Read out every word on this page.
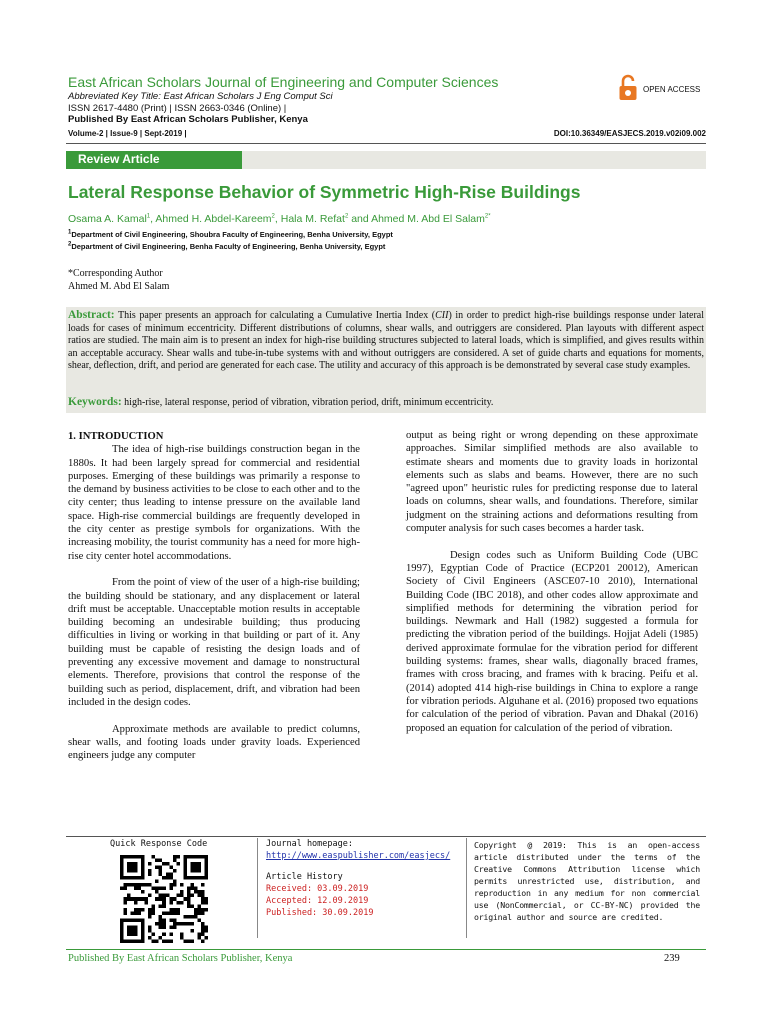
East African Scholars Journal of Engineering and Computer Sciences
Abbreviated Key Title: East African Scholars J Eng Comput Sci
ISSN 2617-4480 (Print) | ISSN 2663-0346 (Online) |
Published By East African Scholars Publisher, Kenya
OPEN ACCESS
Volume-2 | Issue-9 | Sept-2019 |	DOI:10.36349/EASJECS.2019.v02i09.002
Review Article
Lateral Response Behavior of Symmetric High-Rise Buildings
Osama A. Kamal$^1$, Ahmed H. Abdel-Kareem$^2$, Hala M. Refat$^2$ and Ahmed M. Abd El Salam$^{2*}$
$^1$Department of Civil Engineering, Shoubra Faculty of Engineering, Benha University, Egypt
$^2$Department of Civil Engineering, Benha Faculty of Engineering, Benha University, Egypt
*Corresponding Author
Ahmed M. Abd El Salam
Abstract: This paper presents an approach for calculating a Cumulative Inertia Index (CII) in order to predict high-rise buildings response under lateral loads for cases of minimum eccentricity. Different distributions of columns, shear walls, and outriggers are considered. Plan layouts with different aspect ratios are studied. The main aim is to present an index for high-rise building structures subjected to lateral loads, which is simplified, and gives results within an acceptable accuracy. Shear walls and tube-in-tube systems with and without outriggers are considered. A set of guide charts and equations for moments, shear, deflection, drift, and period are generated for each case. The utility and accuracy of this approach is be demonstrated by several case study examples.
Keywords: high-rise, lateral response, period of vibration, vibration period, drift, minimum eccentricity.
1. INTRODUCTION

The idea of high-rise buildings construction began in the 1880s. It had been largely spread for commercial and residential purposes. Emerging of these buildings was primarily a response to the demand by business activities to be close to each other and to the city center; thus leading to intense pressure on the available land space. High-rise commercial buildings are frequently developed in the city center as prestige symbols for organizations. With the increasing mobility, the tourist community has a need for more high-rise city center hotel accommodations.

From the point of view of the user of a high-rise building; the building should be stationary, and any displacement or lateral drift must be acceptable. Unacceptable motion results in acceptable building becoming an undesirable building; thus producing difficulties in living or working in that building or part of it. Any building must be capable of resisting the design loads and of preventing any excessive movement and damage to nonstructural elements. Therefore, provisions that control the response of the building such as period, displacement, drift, and vibration had been included in the design codes.

Approximate methods are available to predict columns, shear walls, and footing loads under gravity loads. Experienced engineers judge any computer

output as being right or wrong depending on these approximate approaches. Similar simplified methods are also available to estimate shears and moments due to gravity loads in horizontal elements such as slabs and beams. However, there are no such "agreed upon" heuristic rules for predicting response due to lateral loads on columns, shear walls, and foundations. Therefore, similar judgment on the straining actions and deformations resulting from computer analysis for such cases becomes a harder task.

Design codes such as Uniform Building Code (UBC 1997), Egyptian Code of Practice (ECP201 20012), American Society of Civil Engineers (ASCE07-10 2010), International Building Code (IBC 2018), and other codes allow approximate and simplified methods for determining the vibration period for buildings. Newmark and Hall (1982) suggested a formula for predicting the vibration period of the buildings. Hojjat Adeli (1985) derived approximate formulae for the vibration period for different building systems: frames, shear walls, diagonally braced frames, frames with cross bracing, and frames with k bracing. Peifu et al. (2014) adopted 414 high-rise buildings in China to explore a range for vibration periods. Alguhane et al. (2016) proposed two equations for calculation of the period of vibration. Pavan and Dhakal (2016) proposed an equation for calculation of the period of vibration.

Quick Response Code	Journal homepage:
http://www.easpublisher.com/easjecs/
Article History
Received: 03.09.2019
Accepted: 12.09.2019
Published: 30.09.2019
Copyright @ 2019: This is an open-access article distributed under the terms of the Creative Commons Attribution license which permits unrestricted use, distribution, and reproduction in any medium for non commercial use (NonCommercial, or CC-BY-NC) provided the original author and source are credited.
Published By East African Scholars Publisher, Kenya	239
